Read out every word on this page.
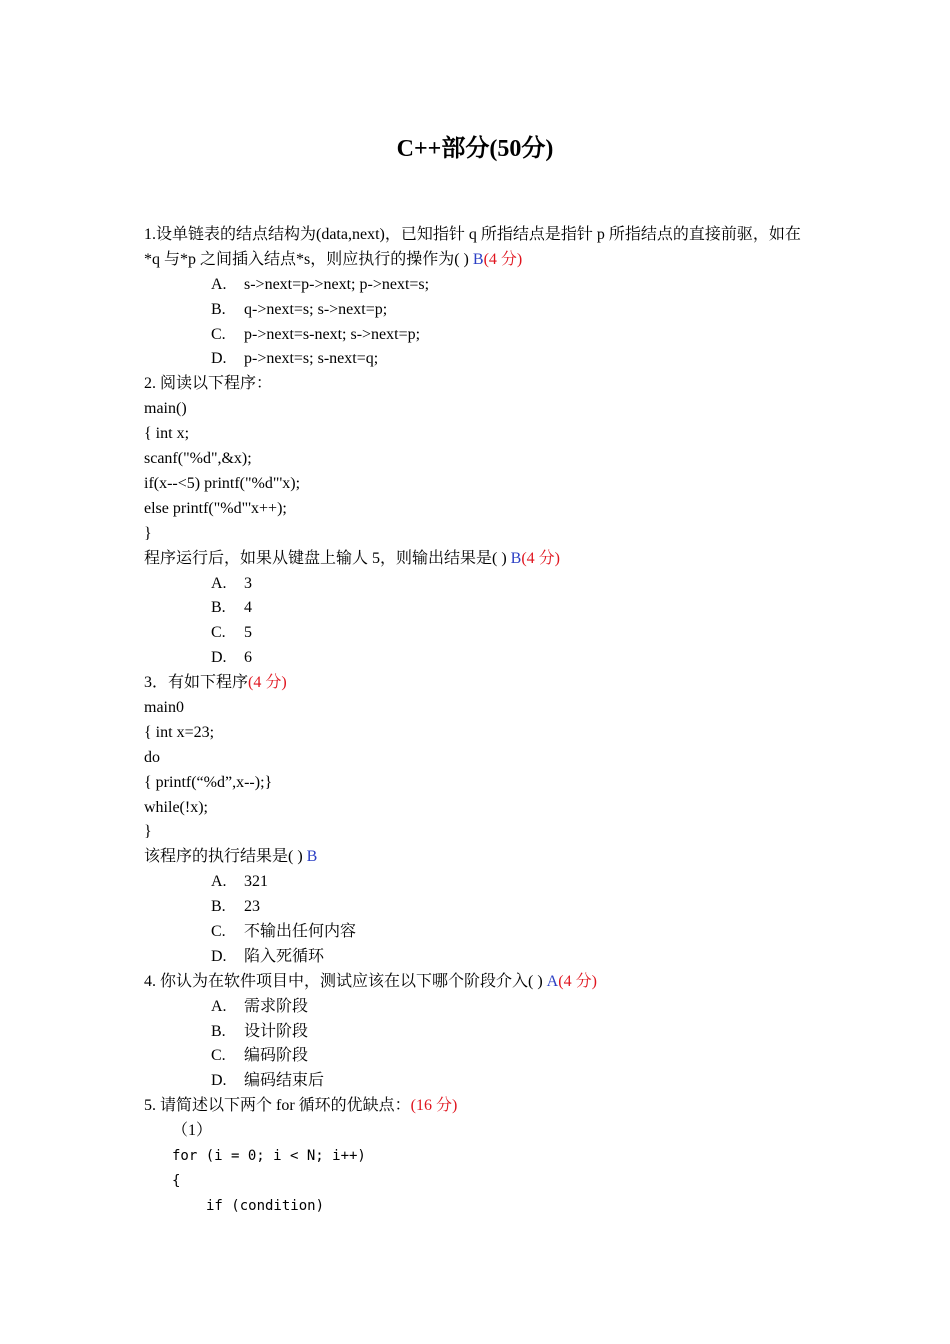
C++部分(50分)
1.设单链表的结点结构为(data,next)，已知指针 q 所指结点是指针 p 所指结点的直接前驱，如在*q 与*p 之间插入结点*s，则应执行的操作为( ) B(4 分)
A. s->next=p->next; p->next=s;
B. q->next=s; s->next=p;
C. p->next=s-next; s->next=p;
D. p->next=s; s-next=q;
2. 阅读以下程序：
main()
{ int x;
scanf("%d",&x);
if(x--<5) printf("%d"'x);
else printf("%d"'x++);
}
程序运行后，如果从键盘上输人 5，则输出结果是( ) B(4 分)
A. 3
B. 4
C. 5
D. 6
3．有如下程序(4 分)
main0
{ int x=23;
do
{ printf(“%d”,x--);}
while(!x);
}
该程序的执行结果是( ) B
A. 321
B. 23
C. 不输出任何内容
D. 陷入死循环
4. 你认为在软件项目中，测试应该在以下哪个阶段介入( ) A(4 分)
A. 需求阶段
B. 设计阶段
C. 编码阶段
D. 编码结束后
5. 请简述以下两个 for 循环的优缺点：(16 分)
（1）
for (i = 0; i < N; i++)
{
if (condition)
